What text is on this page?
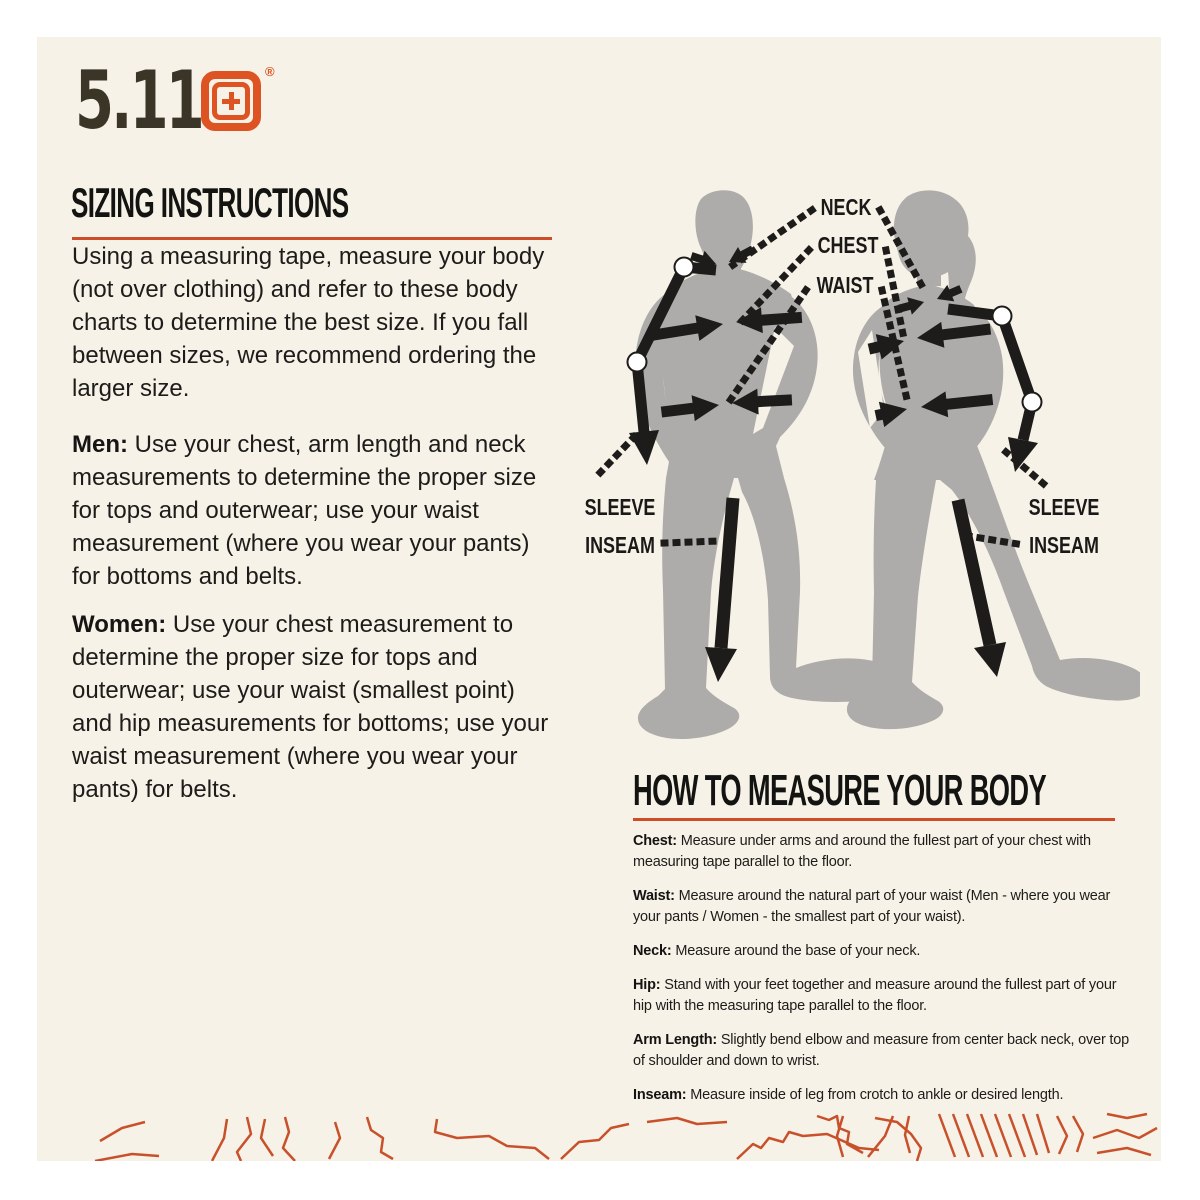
5.11	®
SIZING INSTRUCTIONS

Using a measuring tape, measure your body (not over clothing) and refer to these body charts to determine the best size. If you fall between sizes, we recommend ordering the larger size.

Men: Use your chest, arm length and neck measurements to determine the proper size for tops and outerwear; use your waist measurement (where you wear your pants) for bottoms and belts.

Women: Use your chest measurement to determine the proper size for tops and outerwear; use your waist (smallest point) and hip measurements for bottoms; use your waist measurement (where you wear your pants) for belts.

NECK
CHEST
WAIST
SLEEVE
INSEAM
SLEEVE
INSEAM
HOW TO MEASURE YOUR BODY

Chest: Measure under arms and around the fullest part of your chest with measuring tape parallel to the floor.

Waist: Measure around the natural part of your waist (Men - where you wear your pants / Women - the smallest part of your waist).

Neck: Measure around the base of your neck.

Hip: Stand with your feet together and measure around the fullest part of your hip with the measuring tape parallel to the floor.

Arm Length: Slightly bend elbow and measure from center back neck, over top of shoulder and down to wrist.

Inseam: Measure inside of leg from crotch to ankle or desired length.
